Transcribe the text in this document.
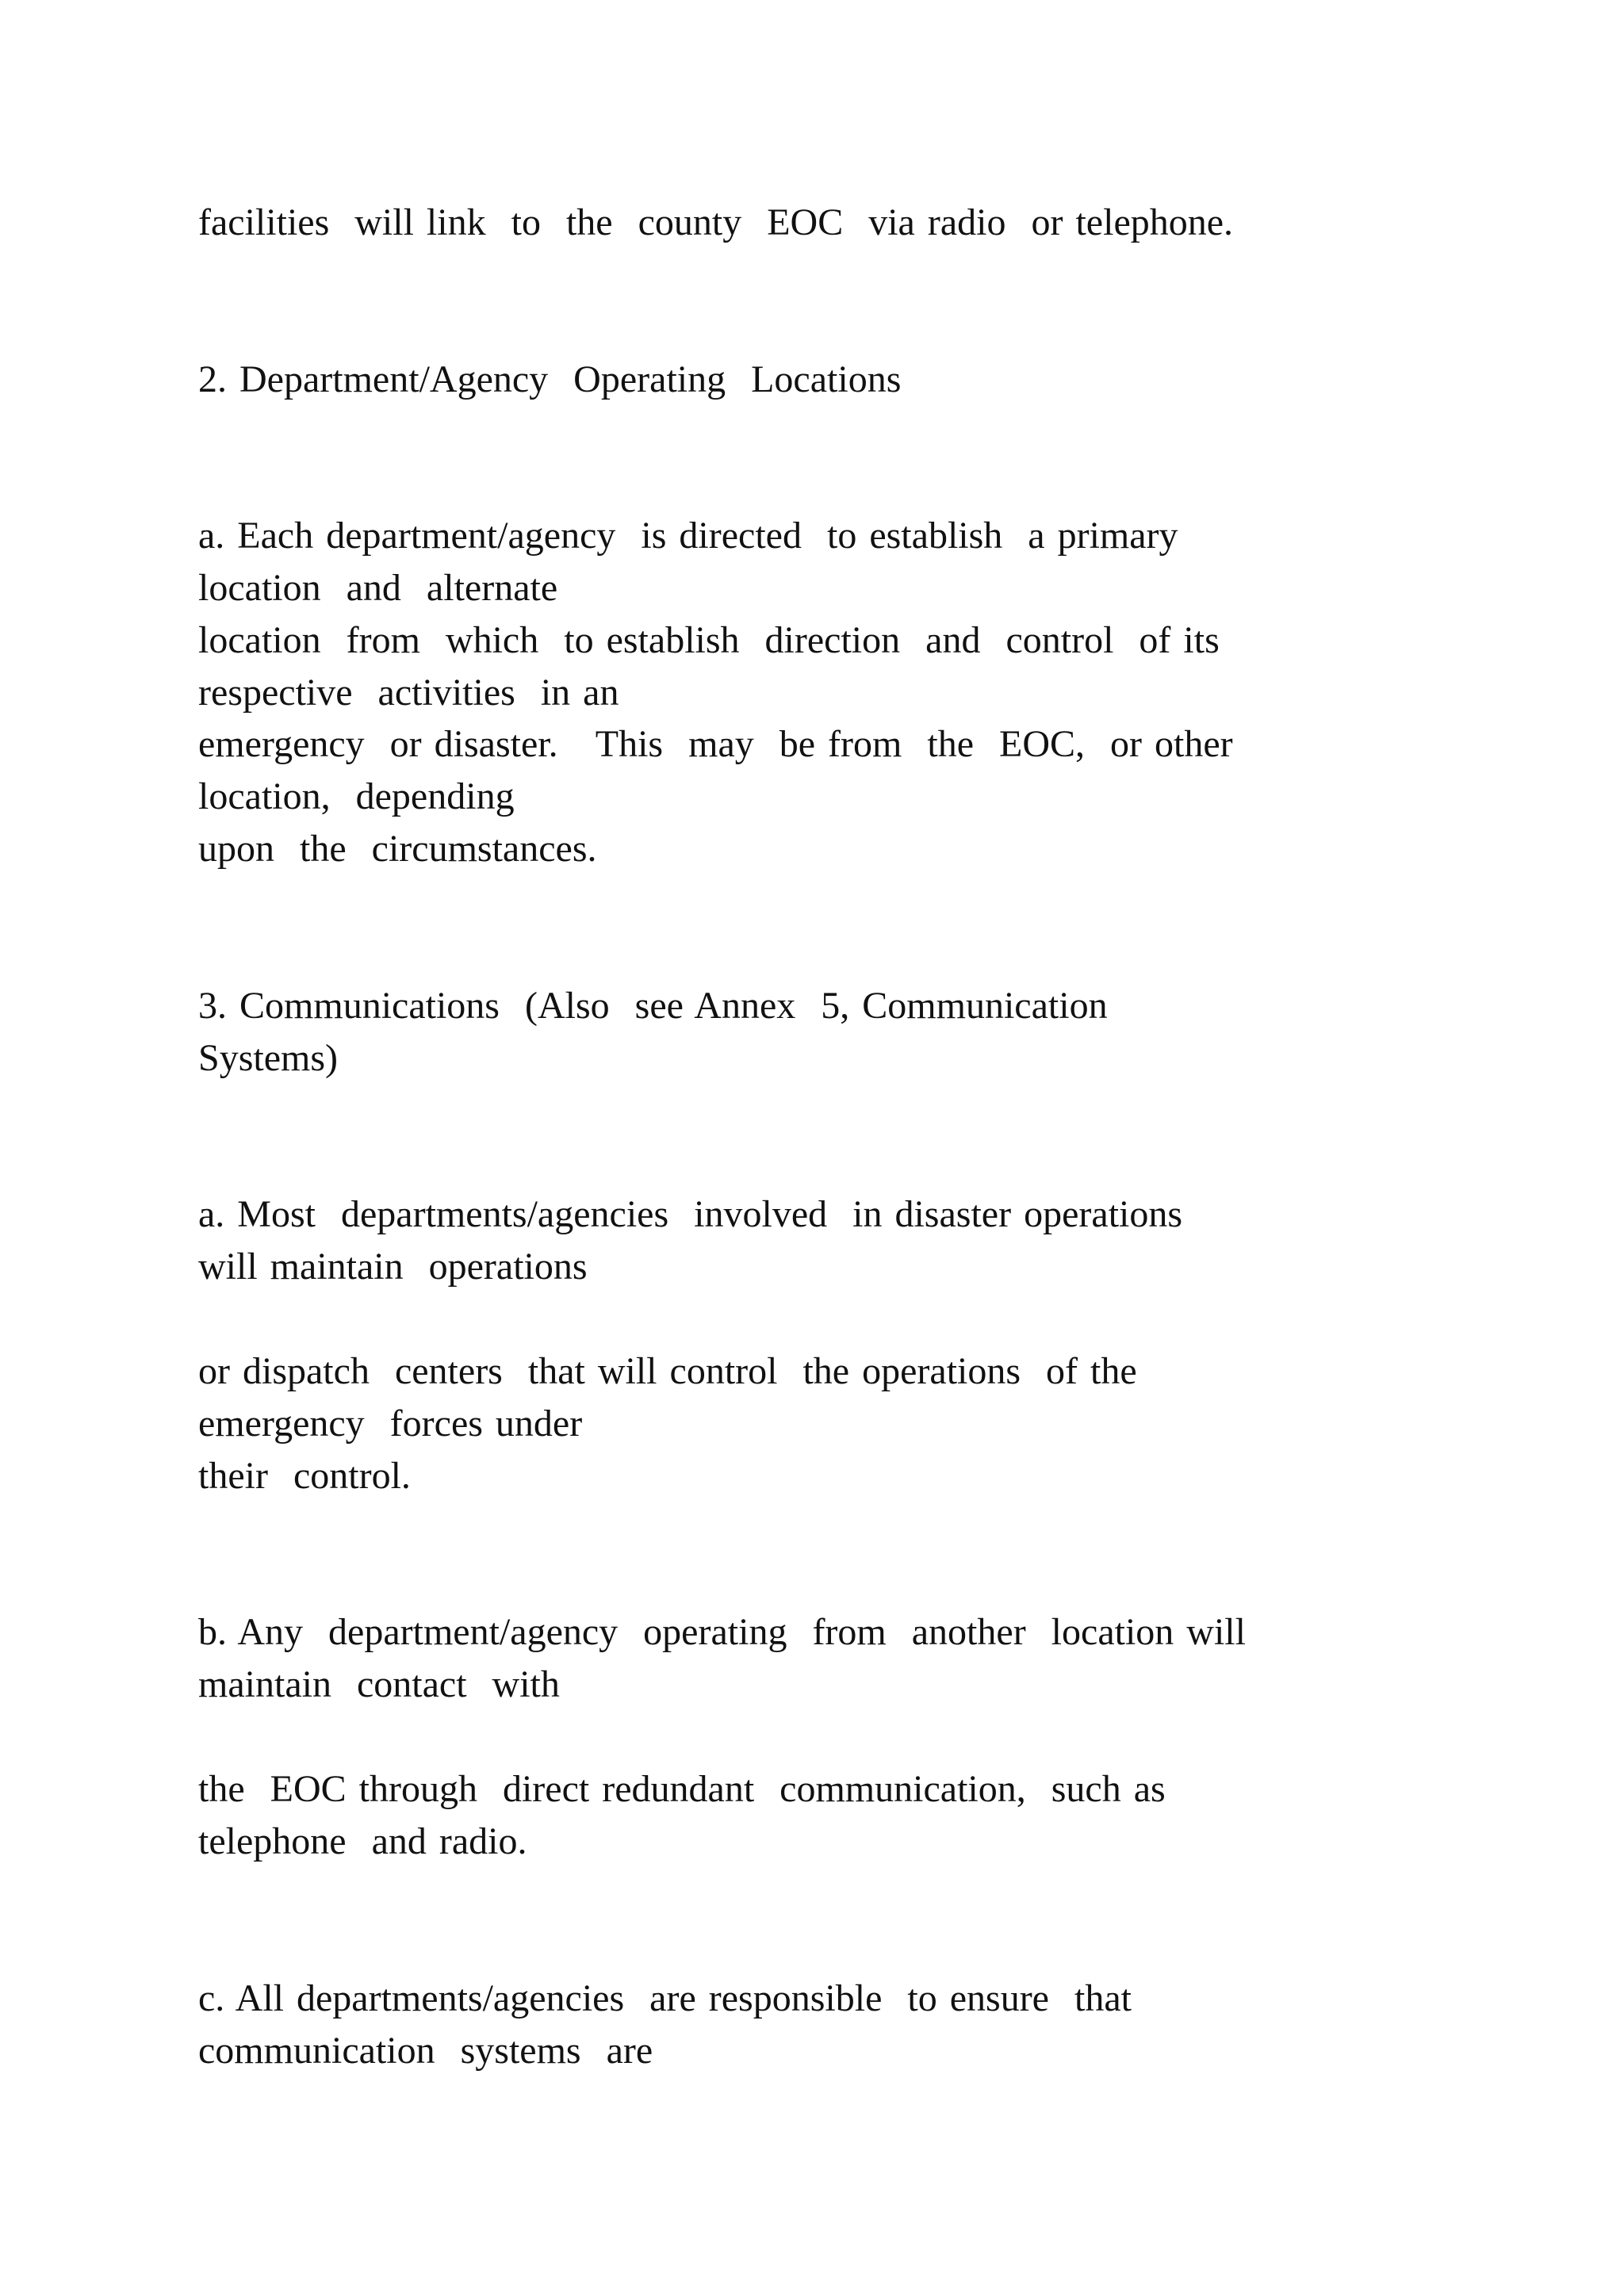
facilities  will link  to  the  county  EOC  via radio  or telephone.

2. Department/Agency  Operating  Locations

a. Each department/agency  is directed  to establish  a primary

location  and  alternate

location  from  which  to establish  direction  and  control  of its

respective  activities  in an

emergency  or disaster.   This  may  be from  the  EOC,  or other

location,  depending

upon  the  circumstances.

3. Communications  (Also  see Annex  5, Communication

Systems)

a. Most  departments/agencies  involved  in disaster operations

will maintain  operations

or dispatch  centers  that will control  the operations  of the

emergency  forces under

their  control.

b. Any  department/agency  operating  from  another  location will

maintain  contact  with

the  EOC through  direct redundant  communication,  such as

telephone  and radio.

c. All departments/agencies  are responsible  to ensure  that

communication  systems  are
